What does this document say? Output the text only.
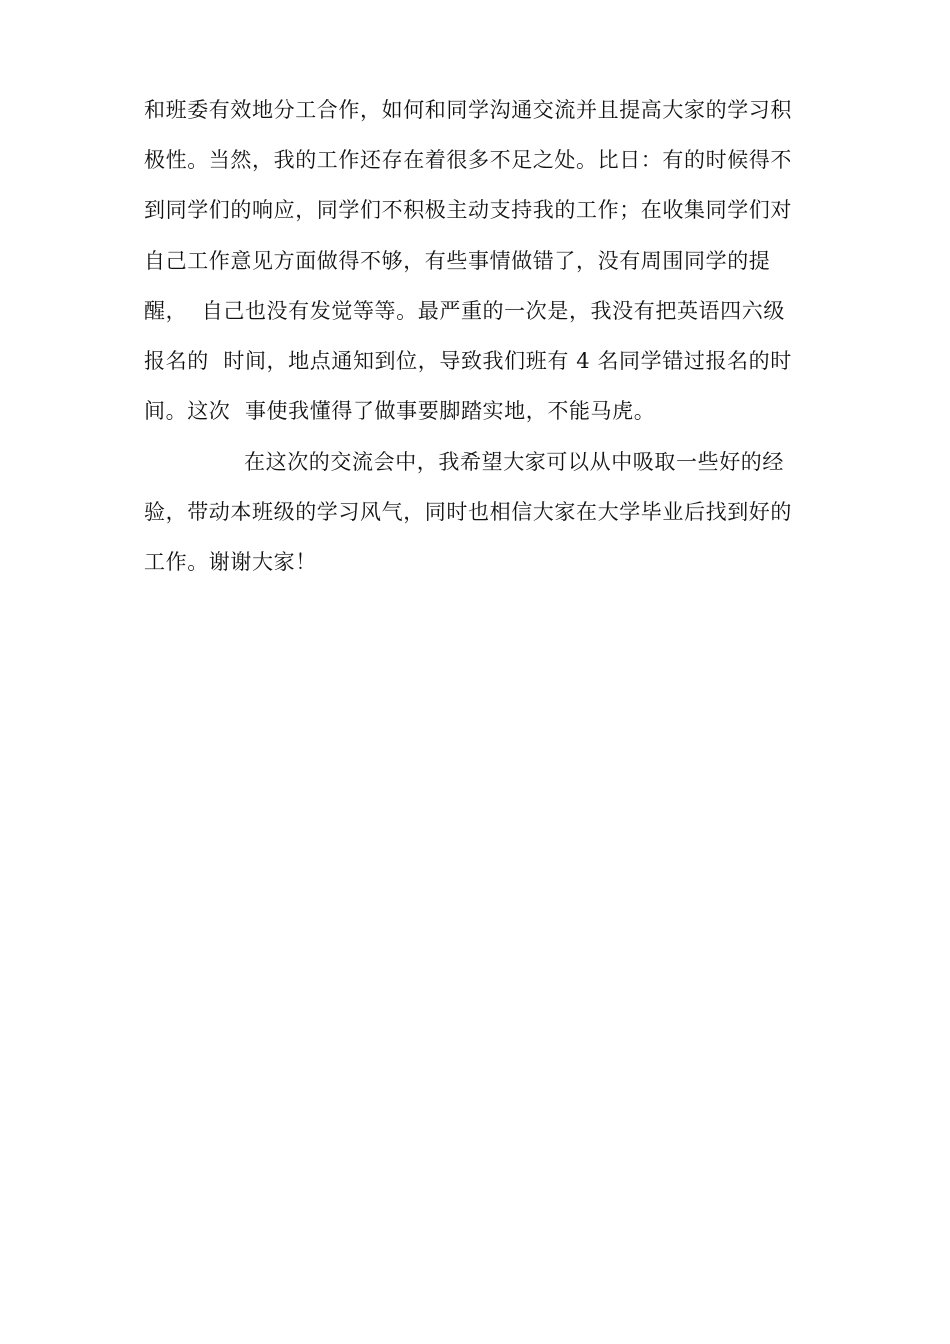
和班委有效地分工合作，如何和同学沟通交流并且提高大家的学习积
极性。当然，我的工作还存在着很多不足之处。比日：有的时候得不
到同学们的响应，同学们不积极主动支持我的工作；在收集同学们对
自己工作意见方面做得不够，有些事情做错了，没有周围同学的提
醒，  自己也没有发觉等等。最严重的一次是，我没有把英语四六级
报名的  时间，地点通知到位，导致我们班有 4 名同学错过报名的时
间。这次  事使我懂得了做事要脚踏实地，不能马虎。
在这次的交流会中，我希望大家可以从中吸取一些好的经
验，带动本班级的学习风气，同时也相信大家在大学毕业后找到好的
工作。谢谢大家！
